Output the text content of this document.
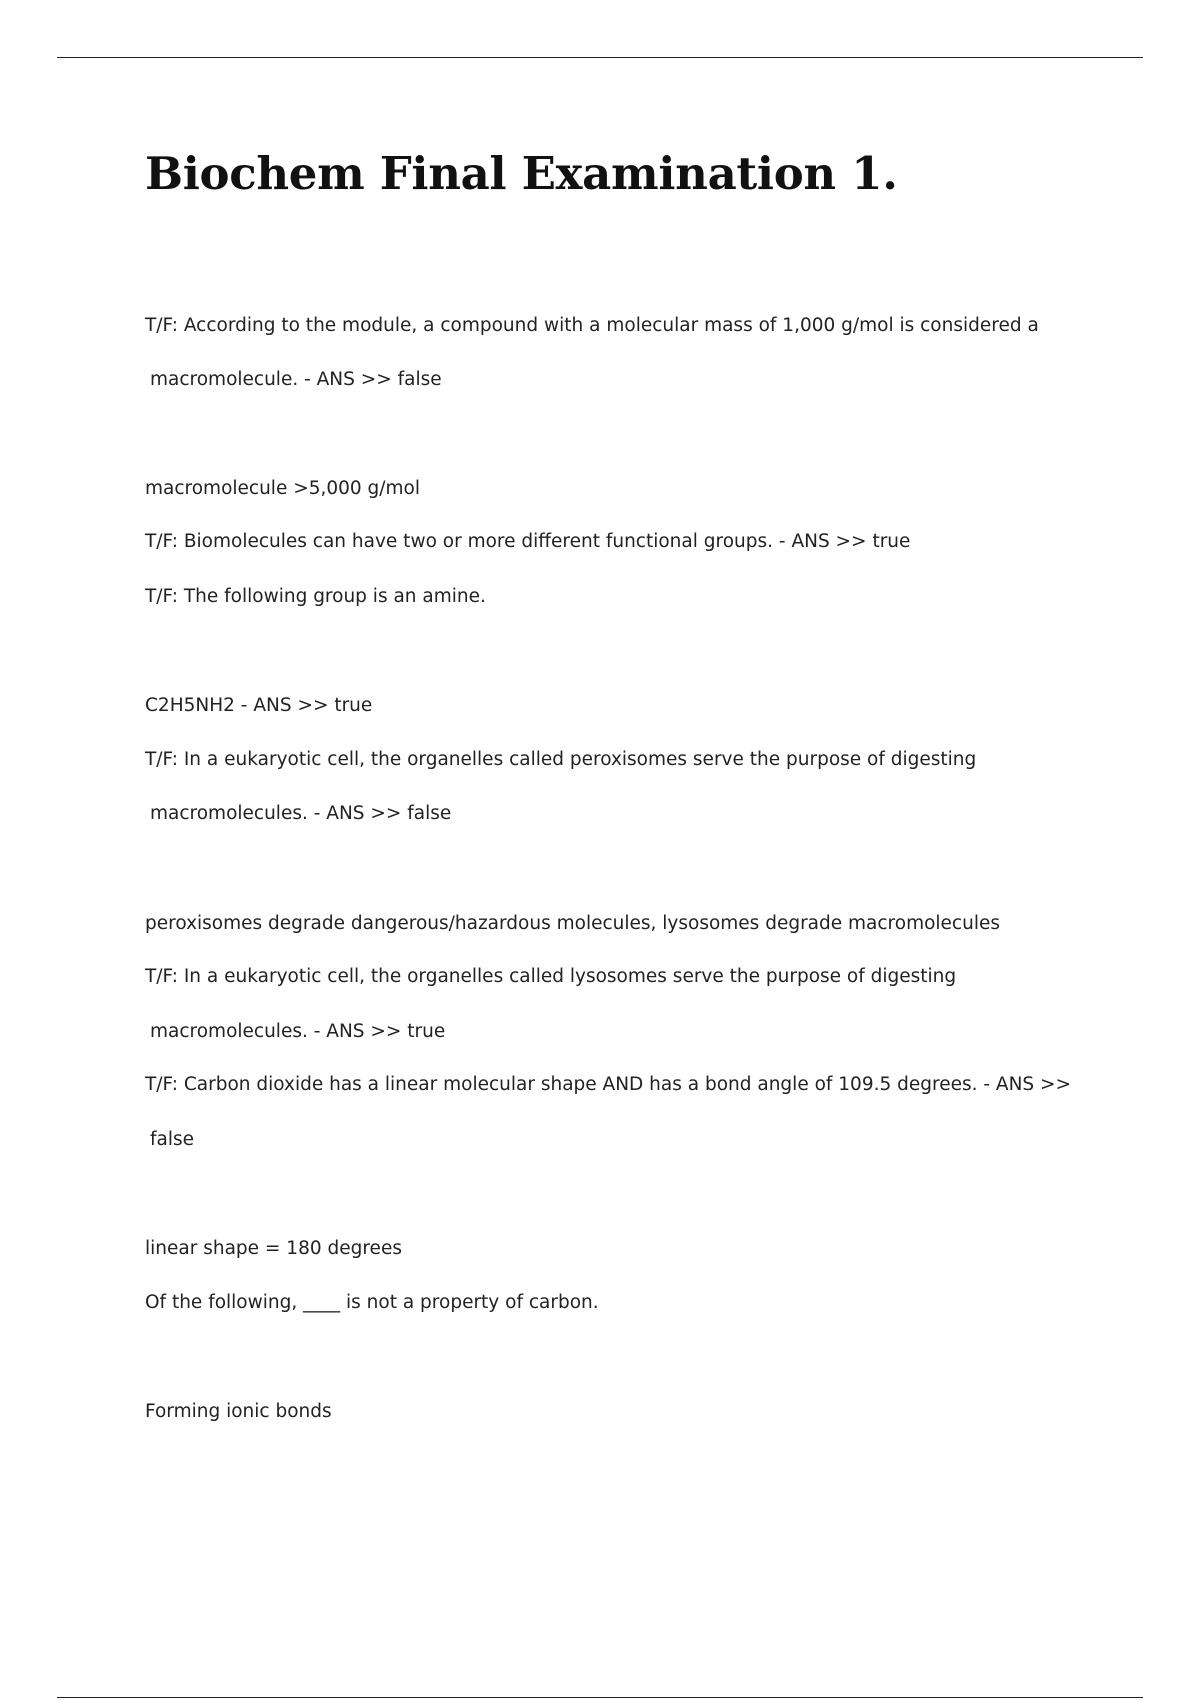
Biochem Final Examination 1.
T/F: According to the module, a compound with a molecular mass of 1,000 g/mol is considered a
macromolecule. - ANS >> false
macromolecule >5,000 g/mol
T/F: Biomolecules can have two or more different functional groups. - ANS >> true
T/F: The following group is an amine.
C2H5NH2 - ANS >> true
T/F: In a eukaryotic cell, the organelles called peroxisomes serve the purpose of digesting
macromolecules. - ANS >> false
peroxisomes degrade dangerous/hazardous molecules, lysosomes degrade macromolecules
T/F: In a eukaryotic cell, the organelles called lysosomes serve the purpose of digesting
macromolecules. - ANS >> true
T/F: Carbon dioxide has a linear molecular shape AND has a bond angle of 109.5 degrees. - ANS >>
false
linear shape = 180 degrees
Of the following, ____ is not a property of carbon.
Forming ionic bonds
